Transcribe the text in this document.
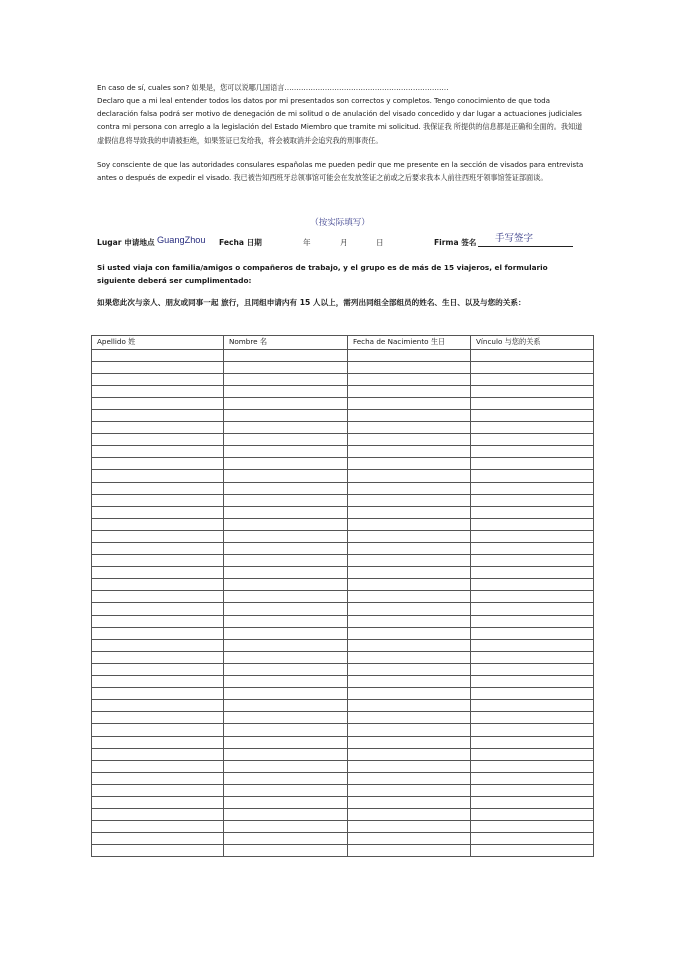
En caso de sí, cuales son? 如果是，您可以说哪几国语言……………………………………………………………
Declaro que a mi leal entender todos los datos por mi presentados son correctos y completos. Tengo conocimiento de que toda declaración falsa podrá ser motivo de denegación de mi solitud o de anulación del visado concedido y dar lugar a actuaciones judiciales contra mi persona con arreglo a la legislación del Estado Miembro que tramite mi solicitud. 我保证我 所提供的信息都是正确和全面的。我知道虚假信息将导致我的申请被拒绝，如果签证已发给我，将会被取消并会追究我的刑事责任。
Soy consciente de que las autoridades consulares españolas me pueden pedir que me presente en la sección de visados para entrevista antes o después de expedir el visado. 我已被告知西班牙总领事馆可能会在发放签证之前或之后要求我本人前往西班牙领事馆签证部面谈。
（按实际填写）
Lugar 申请地点 GuangZhou Fecha 日期	年	月	日	Firma 签名 手写签字
Si usted viaja con familia/amigos o compañeros de trabajo, y el grupo es de más de 15 viajeros, el formulario siguiente deberá ser cumplimentado:
如果您此次与亲人、朋友或同事一起 旅行，且同组申请内有 15 人以上，需列出同组全部组员的姓名、生日、以及与您的关系：
Apellido 姓	Nombre 名	Fecha de Nacimiento 生日	Vínculo 与您的关系
